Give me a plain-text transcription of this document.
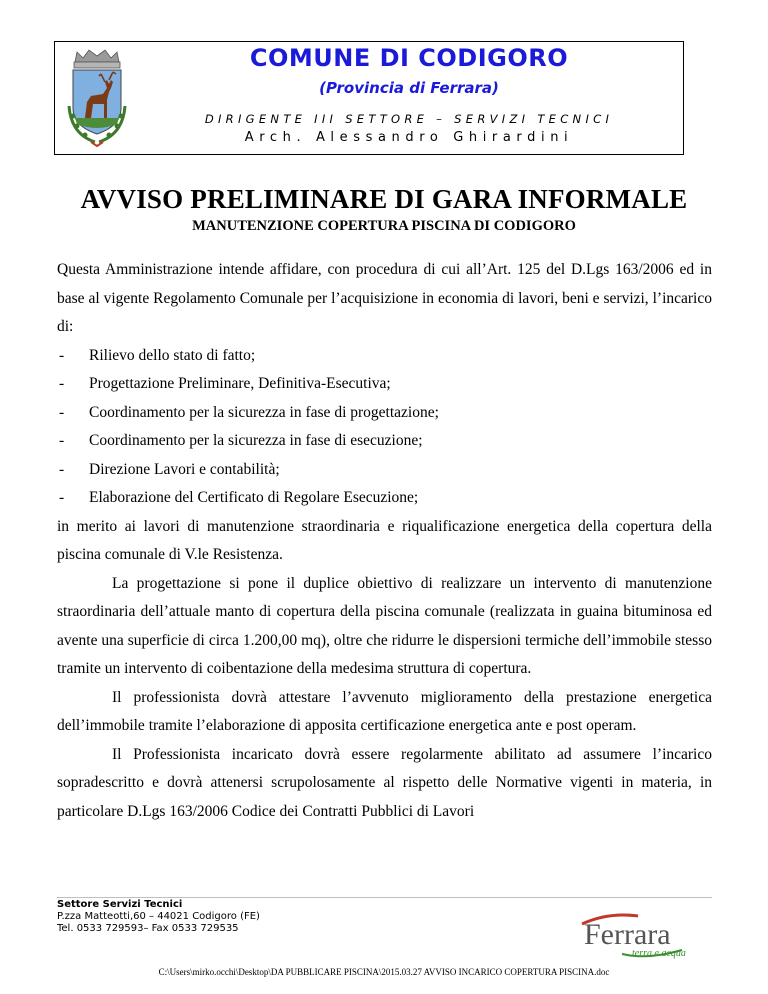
COMUNE DI CODIGORO
(Provincia di Ferrara)
DIRIGENTE III SETTORE – SERVIZI TECNICI
Arch. Alessandro Ghirardini
AVVISO PRELIMINARE DI GARA INFORMALE
MANUTENZIONE COPERTURA PISCINA DI CODIGORO

Questa Amministrazione intende affidare, con procedura di cui all’Art. 125 del D.Lgs 163/2006 ed in base al vigente Regolamento Comunale per l’acquisizione in economia di lavori, beni e servizi, l’incarico di:

-	Rilievo dello stato di fatto;
-	Progettazione Preliminare, Definitiva-Esecutiva;
-	Coordinamento per la sicurezza in fase di progettazione;
-	Coordinamento per la sicurezza in fase di esecuzione;
-	Direzione Lavori e contabilità;
-	Elaborazione del Certificato di Regolare Esecuzione;

in merito ai lavori di manutenzione straordinaria e riqualificazione energetica della copertura della piscina comunale di V.le Resistenza.

La progettazione si pone il duplice obiettivo di realizzare un intervento di manutenzione straordinaria dell’attuale manto di copertura della piscina comunale (realizzata in guaina bituminosa ed avente una superficie di circa 1.200,00 mq), oltre che ridurre le dispersioni termiche dell’immobile stesso tramite un intervento di coibentazione della medesima struttura di copertura.

Il professionista dovrà attestare l’avvenuto miglioramento della prestazione energetica dell’immobile tramite l’elaborazione di apposita certificazione energetica ante e post operam.

Il Professionista incaricato dovrà essere regolarmente abilitato ad assumere l’incarico sopradescritto e dovrà attenersi scrupolosamente al rispetto delle Normative vigenti in materia, in particolare D.Lgs 163/2006 Codice dei Contratti Pubblici di Lavori

Settore Servizi Tecnici
P.zza Matteotti,60 – 44021 Codigoro (FE)
Tel. 0533 729593– Fax 0533 729535	Ferrara
terra e acqua
C:\Users\mirko.occhi\Desktop\DA PUBBLICARE PISCINA\2015.03.27 AVVISO INCARICO COPERTURA PISCINA.doc
